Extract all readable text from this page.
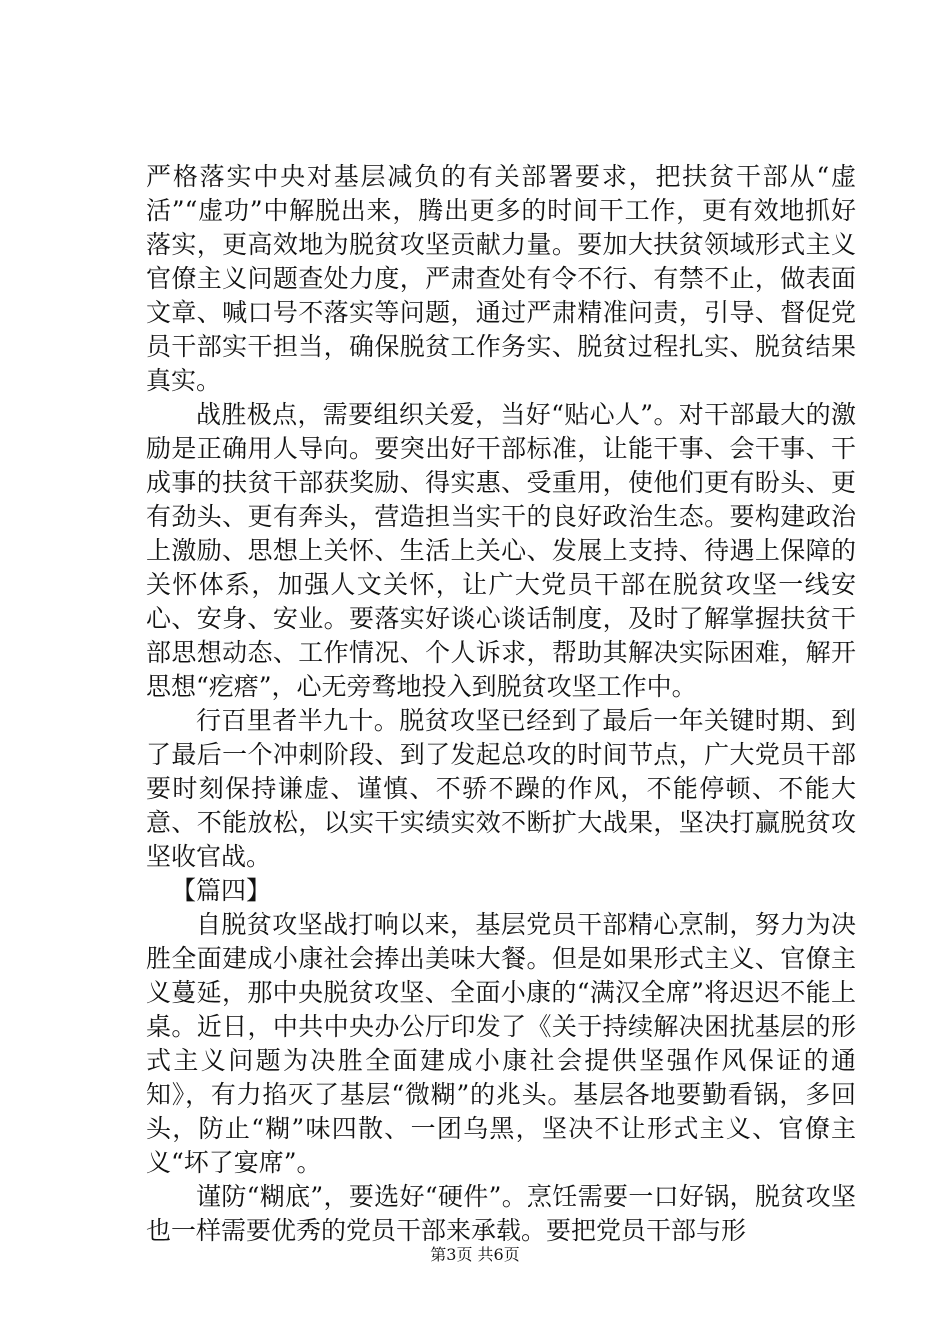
严格落实中央对基层减负的有关部署要求，把扶贫干部从“虚活”“虚功”中解脱出来，腾出更多的时间干工作，更有效地抓好落实，更高效地为脱贫攻坚贡献力量。要加大扶贫领域形式主义官僚主义问题查处力度，严肃查处有令不行、有禁不止，做表面文章、喊口号不落实等问题，通过严肃精准问责，引导、督促党员干部实干担当，确保脱贫工作务实、脱贫过程扎实、脱贫结果真实。

战胜极点，需要组织关爱，当好“贴心人”。对干部最大的激励是正确用人导向。要突出好干部标准，让能干事、会干事、干成事的扶贫干部获奖励、得实惠、受重用，使他们更有盼头、更有劲头、更有奔头，营造担当实干的良好政治生态。要构建政治上激励、思想上关怀、生活上关心、发展上支持、待遇上保障的关怀体系，加强人文关怀，让广大党员干部在脱贫攻坚一线安心、安身、安业。要落实好谈心谈话制度，及时了解掌握扶贫干部思想动态、工作情况、个人诉求，帮助其解决实际困难，解开思想“疙瘩”，心无旁骛地投入到脱贫攻坚工作中。

行百里者半九十。脱贫攻坚已经到了最后一年关键时期、到了最后一个冲刺阶段、到了发起总攻的时间节点，广大党员干部要时刻保持谦虚、谨慎、不骄不躁的作风，不能停顿、不能大意、不能放松，以实干实绩实效不断扩大战果，坚决打赢脱贫攻坚收官战。

【篇四】

自脱贫攻坚战打响以来，基层党员干部精心烹制，努力为决胜全面建成小康社会捧出美味大餐。但是如果形式主义、官僚主义蔓延，那中央脱贫攻坚、全面小康的“满汉全席”将迟迟不能上桌。近日，中共中央办公厅印发了《关于持续解决困扰基层的形式主义问题为决胜全面建成小康社会提供坚强作风保证的通知》，有力掐灭了基层“微糊”的兆头。基层各地要勤看锅，多回头，防止“糊”味四散、一团乌黑，坚决不让形式主义、官僚主义“坏了宴席”。

谨防“糊底”，要选好“硬件”。烹饪需要一口好锅，脱贫攻坚也一样需要优秀的党员干部来承载。要把党员干部与形

第3页 共6页
